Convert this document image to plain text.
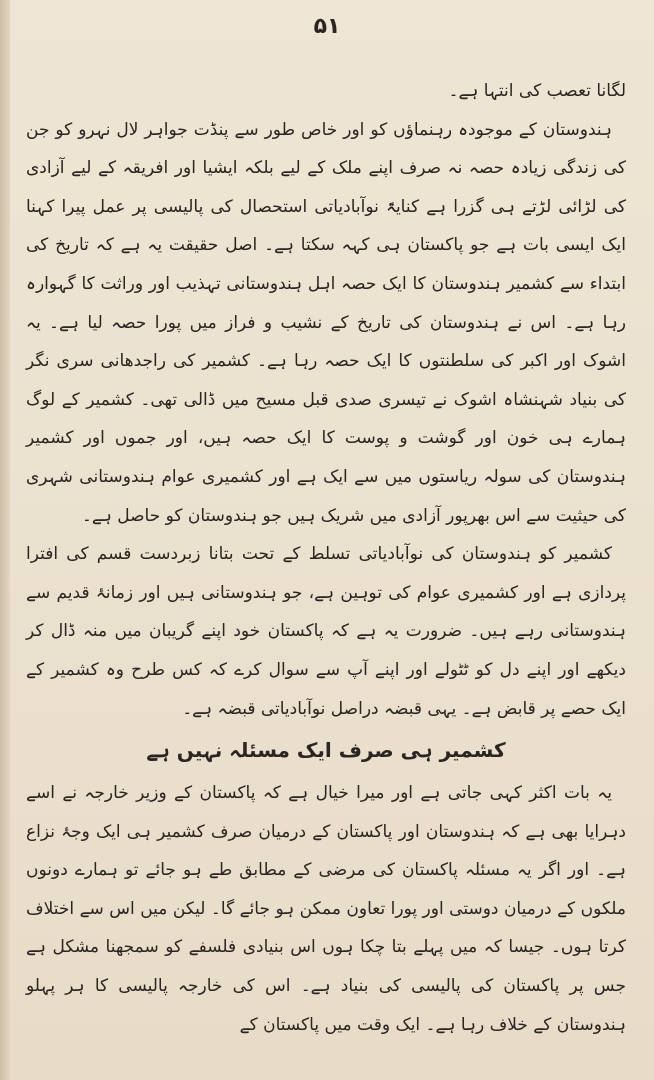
۵۱

لگانا تعصب کی انتہا ہے۔

ہندوستان کے موجودہ رہنماؤں کو اور خاص طور سے پنڈت جواہر لال نہرو کو جن کی زندگی زیادہ حصہ نہ صرف اپنے ملک کے لیے بلکہ ایشیا اور افریقہ کے لیے آزادی کی لڑائی لڑتے ہی گزرا ہے کنایۃً نوآبادیاتی استحصال کی پالیسی پر عمل پیرا کہنا ایک ایسی بات ہے جو پاکستان ہی کہہ سکتا ہے۔ اصل حقیقت یہ ہے کہ تاریخ کی ابتداء سے کشمیر ہندوستان کا ایک حصہ اہل ہندوستانی تہذیب اور وراثت کا گہوارہ رہا ہے۔ اس نے ہندوستان کی تاریخ کے نشیب و فراز میں پورا حصہ لیا ہے۔ یہ اشوک اور اکبر کی سلطنتوں کا ایک حصہ رہا ہے۔ کشمیر کی راجدھانی سری نگر کی بنیاد شہنشاہ اشوک نے تیسری صدی قبل مسیح میں ڈالی تھی۔ کشمیر کے لوگ ہمارے ہی خون اور گوشت و پوست کا ایک حصہ ہیں، اور جموں اور کشمیر ہندوستان کی سولہ ریاستوں میں سے ایک ہے اور کشمیری عوام ہندوستانی شہری کی حیثیت سے اس بھرپور آزادی میں شریک ہیں جو ہندوستان کو حاصل ہے۔

کشمیر کو ہندوستان کی نوآبادیاتی تسلط کے تحت بتانا زبردست قسم کی افترا پردازی ہے اور کشمیری عوام کی توہین ہے، جو ہندوستانی ہیں اور زمانۂ قدیم سے ہندوستانی رہے ہیں۔ ضرورت یہ ہے کہ پاکستان خود اپنے گریبان میں منہ ڈال کر دیکھے اور اپنے دل کو ٹٹولے اور اپنے آپ سے سوال کرے کہ کس طرح وہ کشمیر کے ایک حصے پر قابض ہے۔ یہی قبضہ دراصل نوآبادیاتی قبضہ ہے۔

کشمیر ہی صرف ایک مسئلہ نہیں ہے

یہ بات اکثر کہی جاتی ہے اور میرا خیال ہے کہ پاکستان کے وزیر خارجہ نے اسے دہرایا بھی ہے کہ ہندوستان اور پاکستان کے درمیان صرف کشمیر ہی ایک وجۂ نزاع ہے۔ اور اگر یہ مسئلہ پاکستان کی مرضی کے مطابق طے ہو جائے تو ہمارے دونوں ملکوں کے درمیان دوستی اور پورا تعاون ممکن ہو جائے گا۔ لیکن میں اس سے اختلاف کرتا ہوں۔ جیسا کہ میں پہلے بتا چکا ہوں اس بنیادی فلسفے کو سمجھنا مشکل ہے جس پر پاکستان کی پالیسی کی بنیاد ہے۔ اس کی خارجہ پالیسی کا ہر پہلو ہندوستان کے خلاف رہا ہے۔ ایک وقت میں پاکستان کے
